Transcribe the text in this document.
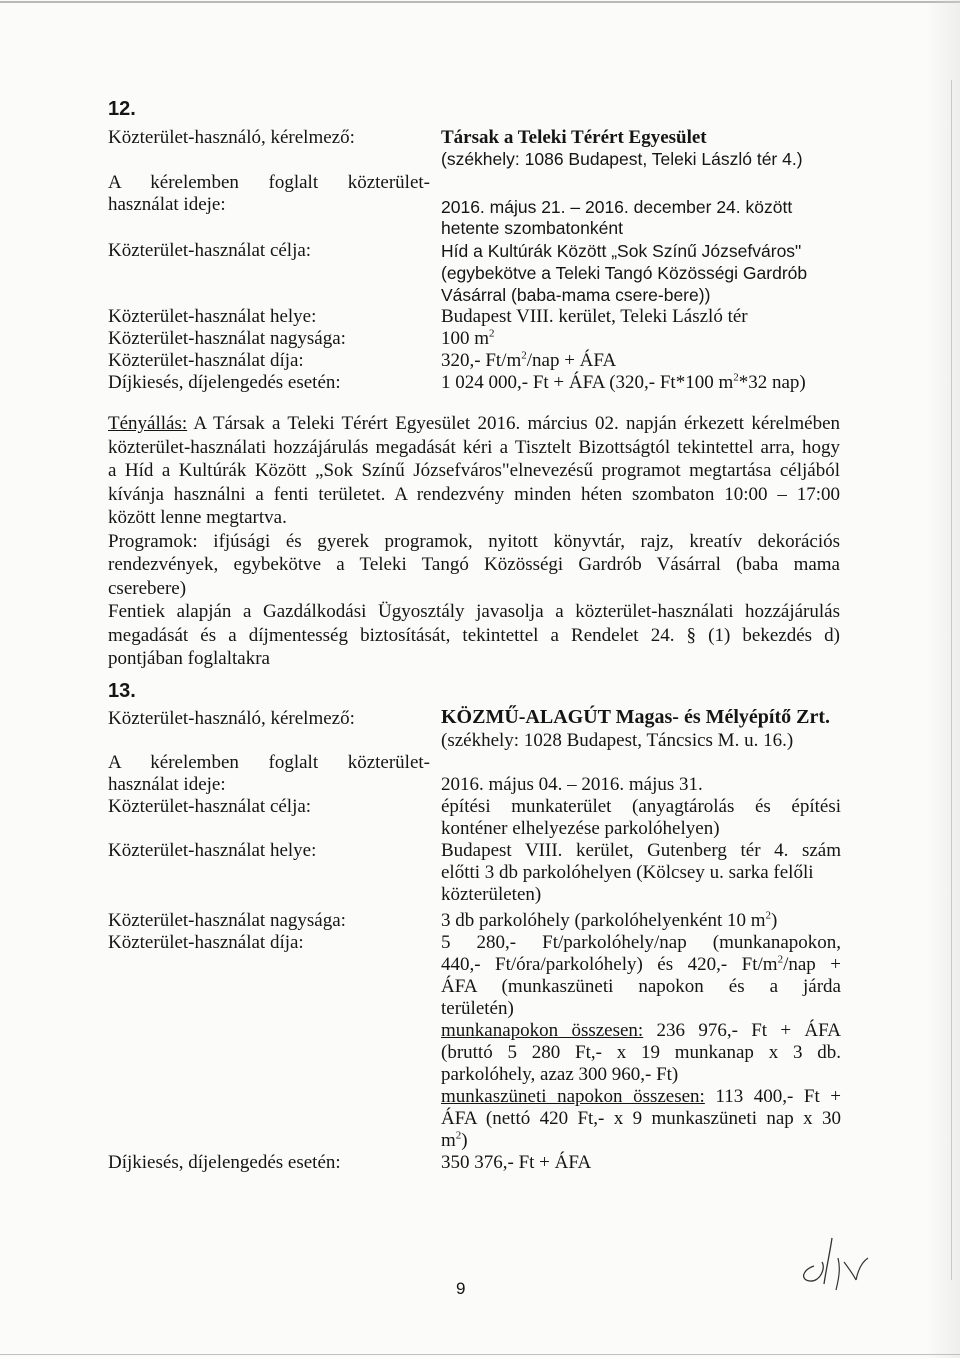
12.
Közterület-használó, kérelmező:	Társak a Teleki Térért Egyesület
(székhely: 1086 Budapest, Teleki László tér 4.)
A kérelemben foglalt közterület-
használat ideje:	2016. május 21. – 2016. december 24. között
hetente szombatonként
Közterület-használat célja:	Híd a Kultúrák Között „Sok Színű Józsefváros"
(egybekötve a Teleki Tangó Közösségi Gardrób
Vásárral (baba-mama csere-bere))
Közterület-használat helye:	Budapest VIII. kerület, Teleki László tér
Közterület-használat nagysága:	100 $m^2$
Közterület-használat díja:	320,- $Ft/m^2$/nap + ÁFA
Díjkiesés, díjelengedés esetén:	1 024 000,- Ft + ÁFA (320,- Ft*100 $m^2*32$ nap)
Tényállás: A Társak a Teleki Térért Egyesület 2016. március 02. napján érkezett kérelmében
közterület-használati hozzájárulás megadását kéri a Tisztelt Bizottságtól tekintettel arra, hogy
a Híd a Kultúrák Között „Sok Színű Józsefváros"elnevezésű programot megtartása céljából
kívánja használni a fenti területet. A rendezvény minden héten szombaton 10:00 – 17:00
között lenne megtartva.
Programok: ifjúsági és gyerek programok, nyitott könyvtár, rajz, kreatív dekorációs
rendezvények, egybekötve a Teleki Tangó Közösségi Gardrób Vásárral (baba mama
cserebere)
Fentiek alapján a Gazdálkodási Ügyosztály javasolja a közterület-használati hozzájárulás
megadását és a díjmentesség biztosítását, tekintettel a Rendelet 24. § (1) bekezdés d)
pontjában foglaltakra
13.
Közterület-használó, kérelmező:	KÖZMŰ-ALAGÚT Magas- és Mélyépítő Zrt.
(székhely: 1028 Budapest, Táncsics M. u. 16.)
A kérelemben foglalt közterület-
használat ideje:	2016. május 04. – 2016. május 31.
Közterület-használat célja:	építési munkaterület (anyagtárolás és építési
konténer elhelyezése parkolóhelyen)
Közterület-használat helye:	Budapest VIII. kerület, Gutenberg tér 4. szám
előtti 3 db parkolóhelyen (Kölcsey u. sarka felőli
közterületen)
Közterület-használat nagysága:	3 db parkolóhely (parkolóhelyenként 10 $m^2$)
Közterület-használat díja:	5 280,- Ft/parkolóhely/nap (munkanapokon,
440,- Ft/óra/parkolóhely) és 420,- $Ft/m^2$/nap +
ÁFA (munkaszüneti napokon és a járda
területén)
munkanapokon összesen: 236 976,- Ft + ÁFA
(bruttó 5 280 Ft,- x 19 munkanap x 3 db.
parkolóhely, azaz 300 960,- Ft)
munkaszüneti napokon összesen: 113 400,- Ft +
ÁFA (nettó 420 Ft,- x 9 munkaszüneti nap x 30
$m^2$)
Díjkiesés, díjelengedés esetén:	350 376,- Ft + ÁFA
9
